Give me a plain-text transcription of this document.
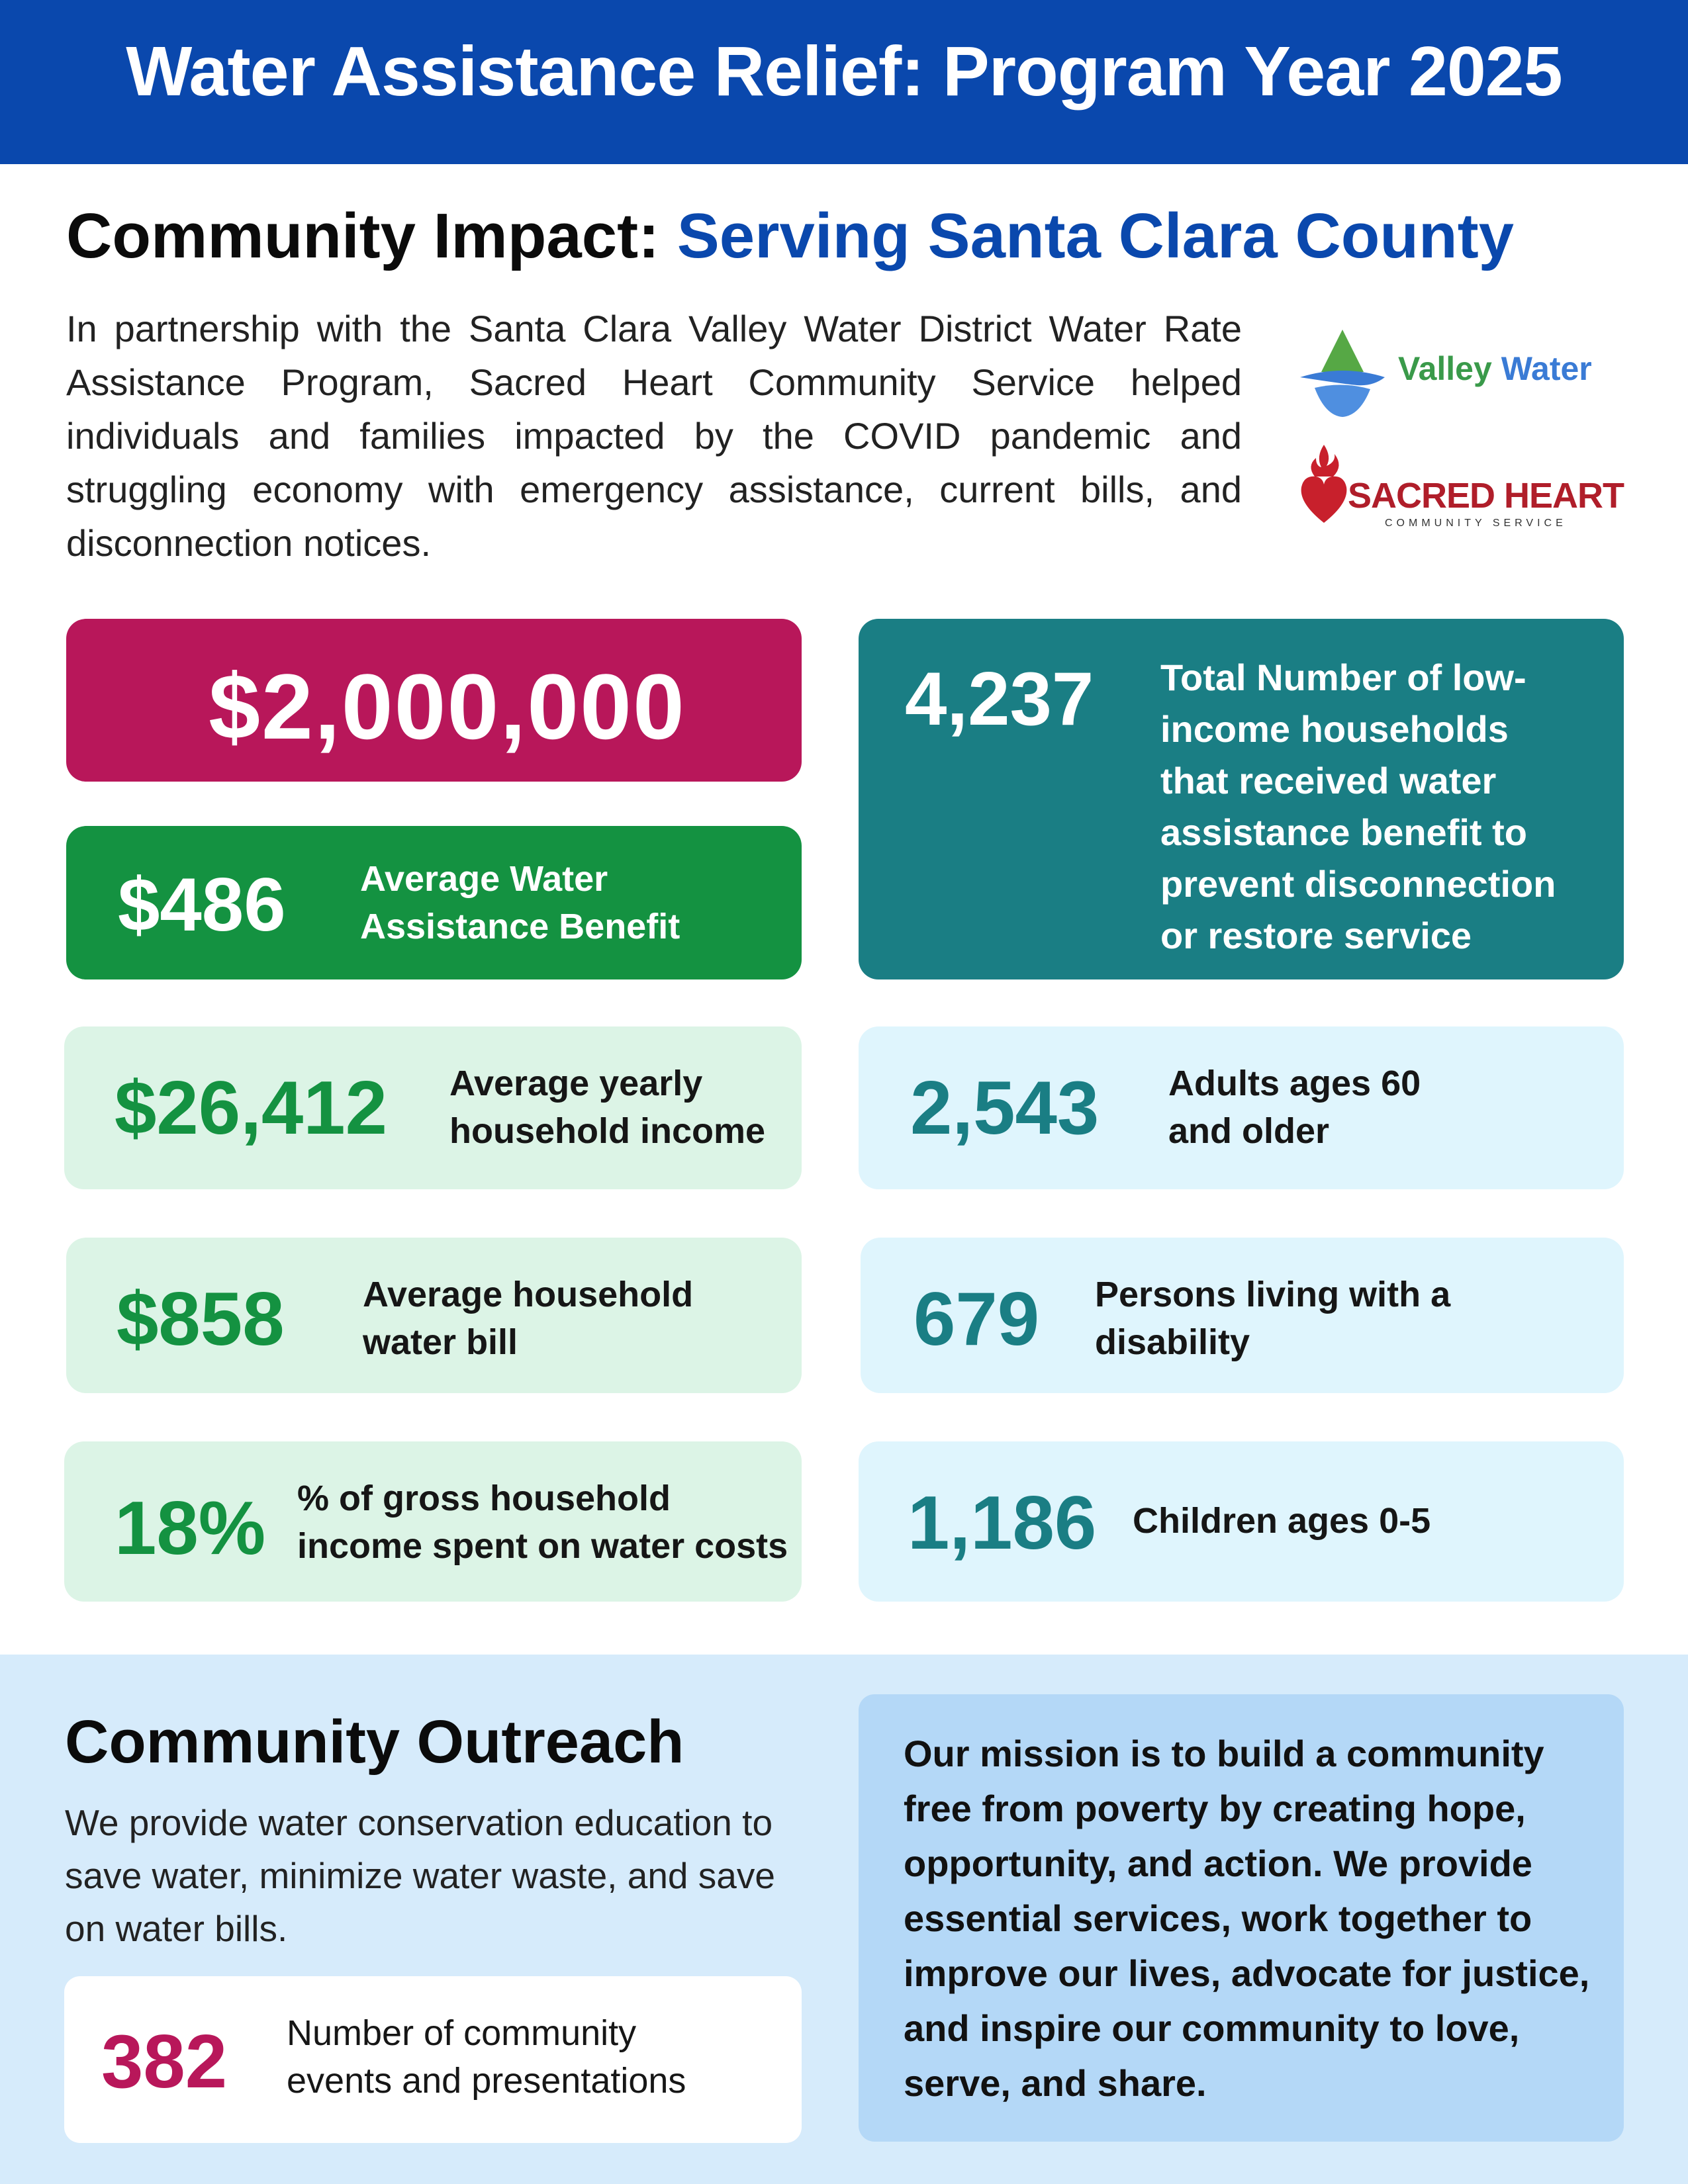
Water Assistance Relief: Program Year 2025
Community Impact: Serving Santa Clara County
In partnership with the Santa Clara Valley Water District Water Rate Assistance Program, Sacred Heart Community Service helped individuals and families impacted by the COVID pandemic and struggling economy with emergency assistance, current bills, and disconnection notices.
Valley Water
SACRED HEART
COMMUNITY SERVICE
$2,000,000
$486 Average Water
Assistance Benefit
4,237 Total Number of low-
income households
that received water
assistance benefit to
prevent disconnection
or restore service
$26,412 Average yearly
household income 2,543 Adults ages 60
and older
$858 Average household
water bill	679 Persons living with a
disability
18% % of gross household
income spent on water costs 1,186 Children ages 0-5
Community Outreach
We provide water conservation education to save water, minimize water waste, and save on water bills.
382 Number of community
events and presentations
Our mission is to build a community free from poverty by creating hope, opportunity, and action. We provide essential services, work together to improve our lives, advocate for justice, and inspire our community to love, serve, and share.
